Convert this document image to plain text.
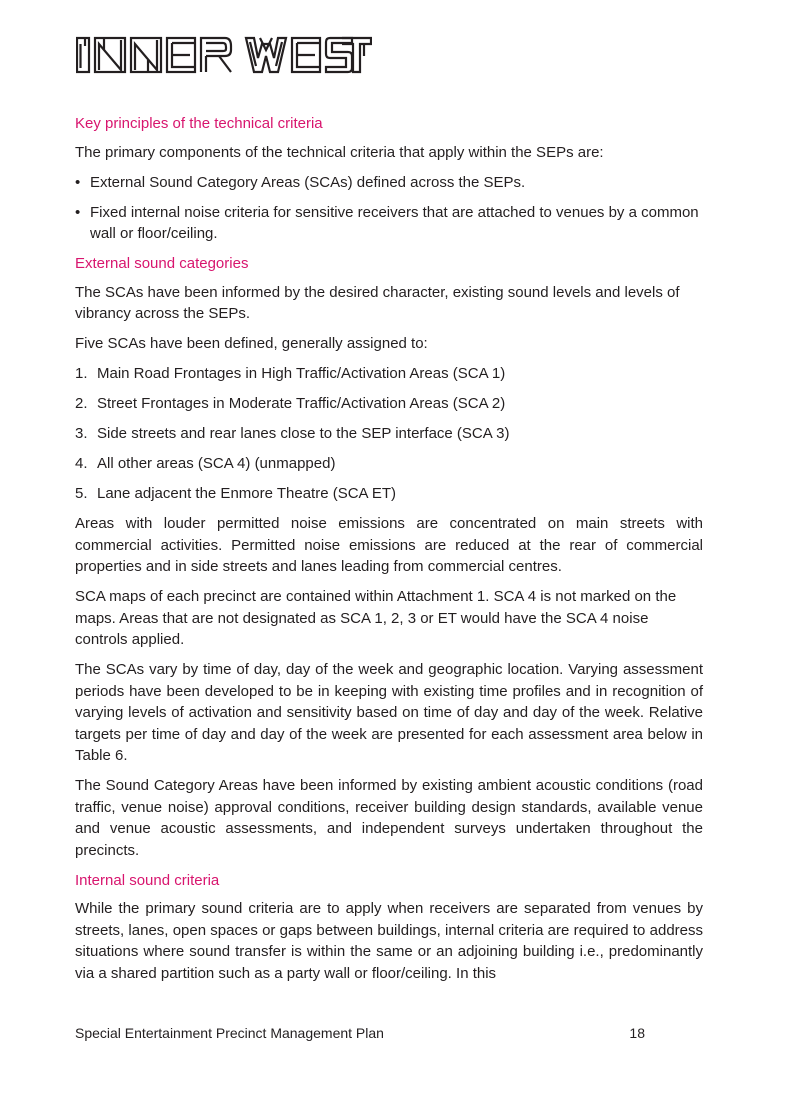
Key principles of the technical criteria

The primary components of the technical criteria that apply within the SEPs are:

• External Sound Category Areas (SCAs) defined across the SEPs.
• Fixed internal noise criteria for sensitive receivers that are attached to venues by a common wall or floor/ceiling.
External sound categories

The SCAs have been informed by the desired character, existing sound levels and levels of vibrancy across the SEPs.

Five SCAs have been defined, generally assigned to:

1. Main Road Frontages in High Traffic/Activation Areas (SCA 1)
2. Street Frontages in Moderate Traffic/Activation Areas (SCA 2)
3. Side streets and rear lanes close to the SEP interface (SCA 3)
4. All other areas (SCA 4) (unmapped)
5. Lane adjacent the Enmore Theatre (SCA ET)

Areas with louder permitted noise emissions are concentrated on main streets with commercial activities. Permitted noise emissions are reduced at the rear of commercial properties and in side streets and lanes leading from commercial centres.

SCA maps of each precinct are contained within Attachment 1. SCA 4 is not marked on the maps. Areas that are not designated as SCA 1, 2, 3 or ET would have the SCA 4 noise controls applied.

The SCAs vary by time of day, day of the week and geographic location. Varying assessment periods have been developed to be in keeping with existing time profiles and in recognition of varying levels of activation and sensitivity based on time of day and day of the week. Relative targets per time of day and day of the week are presented for each assessment area below in Table 6.

The Sound Category Areas have been informed by existing ambient acoustic conditions (road traffic, venue noise) approval conditions, receiver building design standards, available venue and venue acoustic assessments, and independent surveys undertaken throughout the precincts.

Internal sound criteria

While the primary sound criteria are to apply when receivers are separated from venues by streets, lanes, open spaces or gaps between buildings, internal criteria are required to address situations where sound transfer is within the same or an adjoining building i.e., predominantly via a shared partition such as a party wall or floor/ceiling. In this

Special Entertainment Precinct Management Plan	18
